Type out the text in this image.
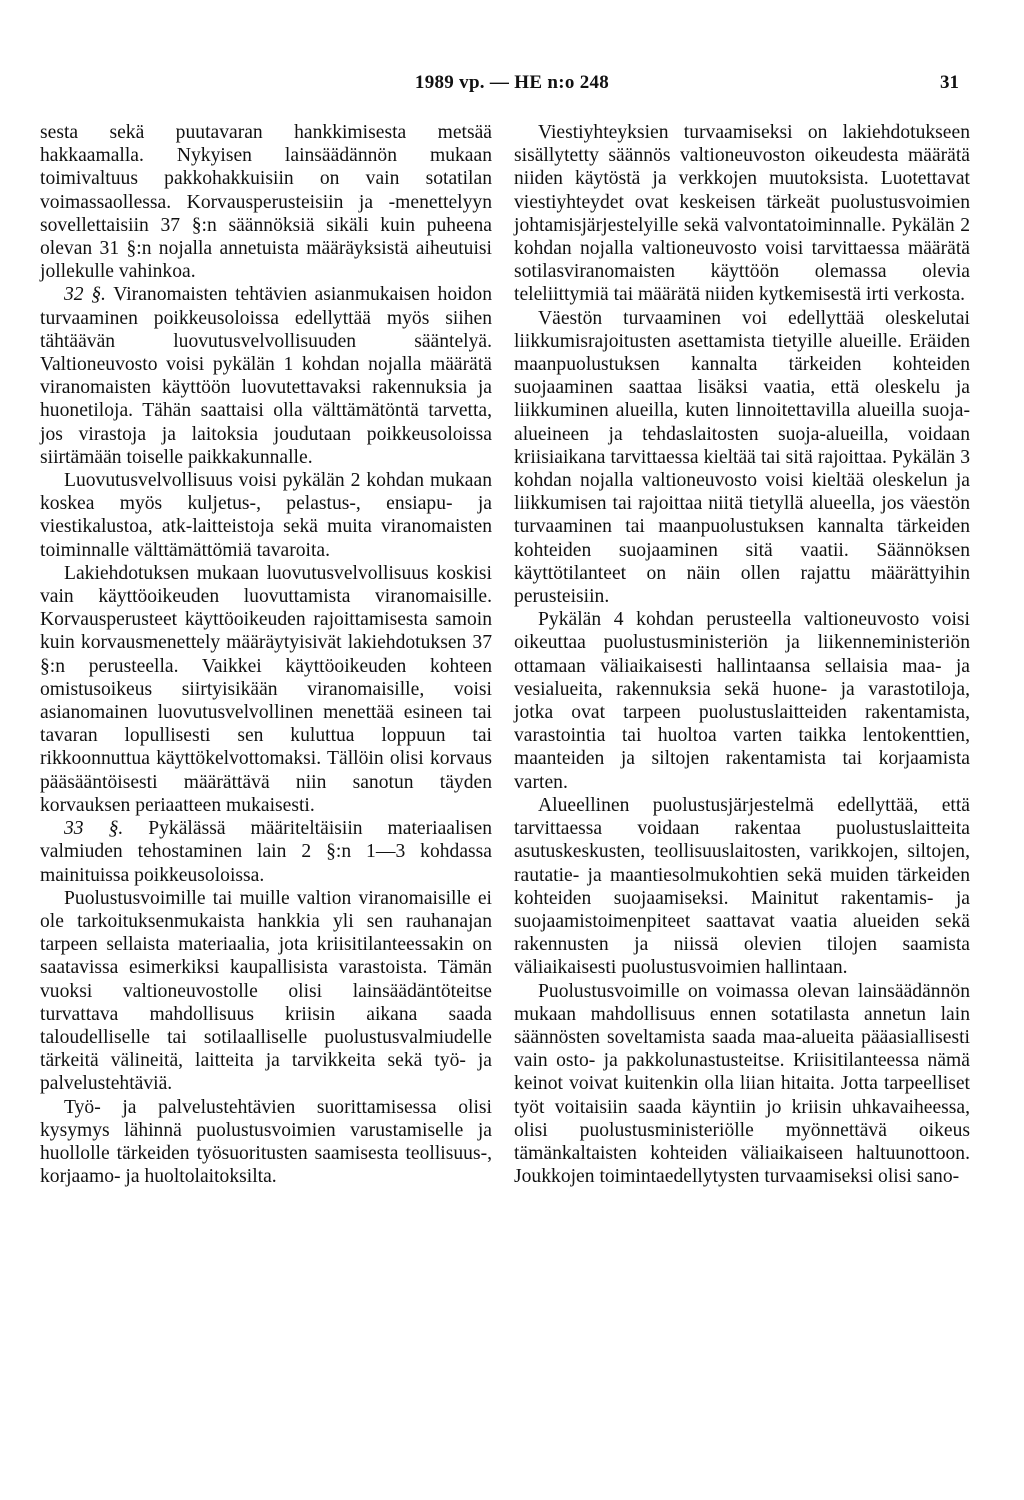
1989 vp. — HE n:o 248	31

sesta sekä puutavaran hankkimisesta metsää hakkaamalla. Nykyisen lainsäädännön mukaan toimivaltuus pakkohakkuisiin on vain sotatilan voimassaollessa. Korvausperusteisiin ja -menettelyyn sovellettaisiin 37 §:n säännöksiä sikäli kuin puheena olevan 31 §:n nojalla annetuista määräyksistä aiheutuisi jollekulle vahinkoa.

32 §. Viranomaisten tehtävien asianmukaisen hoidon turvaaminen poikkeusoloissa edellyttää myös siihen tähtäävän luovutusvelvollisuuden sääntelyä. Valtioneuvosto voisi pykälän 1 kohdan nojalla määrätä viranomaisten käyttöön luovutettavaksi rakennuksia ja huonetiloja. Tähän saattaisi olla välttämätöntä tarvetta, jos virastoja ja laitoksia joudutaan poikkeusoloissa siirtämään toiselle paikkakunnalle.

Luovutusvelvollisuus voisi pykälän 2 kohdan mukaan koskea myös kuljetus-, pelastus-, ensiapu- ja viestikalustoa, atk-laitteistoja sekä muita viranomaisten toiminnalle välttämättömiä tavaroita.

Lakiehdotuksen mukaan luovutusvelvollisuus koskisi vain käyttöoikeuden luovuttamista viranomaisille. Korvausperusteet käyttöoikeuden rajoittamisesta samoin kuin korvausmenettely määräytyisivät lakiehdotuksen 37 §:n perusteella. Vaikkei käyttöoikeuden kohteen omistusoikeus siirtyisikään viranomaisille, voisi asianomainen luovutusvelvollinen menettää esineen tai tavaran lopullisesti sen kuluttua loppuun tai rikkoonnuttua käyttökelvottomaksi. Tällöin olisi korvaus pääsääntöisesti määrättävä niin sanotun täyden korvauksen periaatteen mukaisesti.

33 §. Pykälässä määriteltäisiin materiaalisen valmiuden tehostaminen lain 2 §:n 1—3 kohdassa mainituissa poikkeusoloissa.

Puolustusvoimille tai muille valtion viranomaisille ei ole tarkoituksenmukaista hankkia yli sen rauhanajan tarpeen sellaista materiaalia, jota kriisitilanteessakin on saatavissa esimerkiksi kaupallisista varastoista. Tämän vuoksi valtioneuvostolle olisi lainsäädäntöteitse turvattava mahdollisuus kriisin aikana saada taloudelliselle tai sotilaalliselle puolustusvalmiudelle tärkeitä välineitä, laitteita ja tarvikkeita sekä työ- ja palvelustehtäviä.

Työ- ja palvelustehtävien suorittamisessa olisi kysymys lähinnä puolustusvoimien varustamiselle ja huollolle tärkeiden työsuoritusten saamisesta teollisuus-, korjaamo- ja huoltolaitoksilta.

Viestiyhteyksien turvaamiseksi on lakiehdotukseen sisällytetty säännös valtioneuvoston oikeudesta määrätä niiden käytöstä ja verkkojen muutoksista. Luotettavat viestiyhteydet ovat keskeisen tärkeät puolustusvoimien johtamisjärjestelyille sekä valvontatoiminnalle. Pykälän 2 kohdan nojalla valtioneuvosto voisi tarvittaessa määrätä sotilasviranomaisten käyttöön olemassa olevia teleliittymiä tai määrätä niiden kytkemisestä irti verkosta.

Väestön turvaaminen voi edellyttää oleskelutai liikkumisrajoitusten asettamista tietyille alueille. Eräiden maanpuolustuksen kannalta tärkeiden kohteiden suojaaminen saattaa lisäksi vaatia, että oleskelu ja liikkuminen alueilla, kuten linnoitettavilla alueilla suoja-alueineen ja tehdaslaitosten suoja-alueilla, voidaan kriisiaikana tarvittaessa kieltää tai sitä rajoittaa. Pykälän 3 kohdan nojalla valtioneuvosto voisi kieltää oleskelun ja liikkumisen tai rajoittaa niitä tietyllä alueella, jos väestön turvaaminen tai maanpuolustuksen kannalta tärkeiden kohteiden suojaaminen sitä vaatii. Säännöksen käyttötilanteet on näin ollen rajattu määrättyihin perusteisiin.

Pykälän 4 kohdan perusteella valtioneuvosto voisi oikeuttaa puolustusministeriön ja liikenneministeriön ottamaan väliaikaisesti hallintaansa sellaisia maa- ja vesialueita, rakennuksia sekä huone- ja varastotiloja, jotka ovat tarpeen puolustuslaitteiden rakentamista, varastointia tai huoltoa varten taikka lentokenttien, maanteiden ja siltojen rakentamista tai korjaamista varten.

Alueellinen puolustusjärjestelmä edellyttää, että tarvittaessa voidaan rakentaa puolustuslaitteita asutuskeskusten, teollisuuslaitosten, varikkojen, siltojen, rautatie- ja maantiesolmukohtien sekä muiden tärkeiden kohteiden suojaamiseksi. Mainitut rakentamis- ja suojaamistoimenpiteet saattavat vaatia alueiden sekä rakennusten ja niissä olevien tilojen saamista väliaikaisesti puolustusvoimien hallintaan.

Puolustusvoimille on voimassa olevan lainsäädännön mukaan mahdollisuus ennen sotatilasta annetun lain säännösten soveltamista saada maa-alueita pääasiallisesti vain osto- ja pakkolunastusteitse. Kriisitilanteessa nämä keinot voivat kuitenkin olla liian hitaita. Jotta tarpeelliset työt voitaisiin saada käyntiin jo kriisin uhkavaiheessa, olisi puolustusministeriölle myönnettävä oikeus tämänkaltaisten kohteiden väliaikaiseen haltuunottoon. Joukkojen toimintaedellytysten turvaamiseksi olisi sano-
